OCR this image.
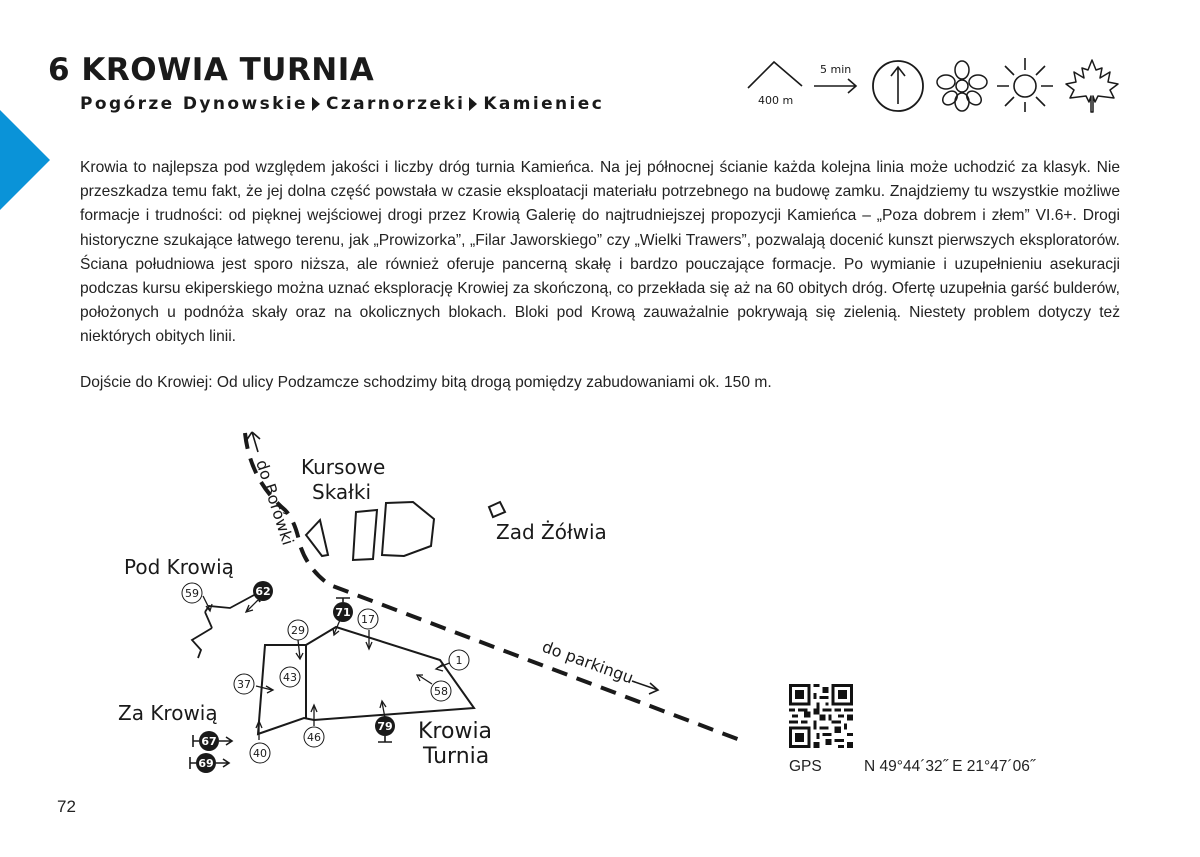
6 KROWIA TURNIA
Pogórze Dynowskie Czarnorzeki Kamieniec	400 m
5 min

Krowia to najlepsza pod względem jakości i liczby dróg turnia Kamieńca. Na jej północnej ścianie każda kolejna linia może uchodzić za klasyk. Nie przeszkadza temu fakt, że jej dolna część powstała w czasie eksploatacji materiału potrzebnego na budowę zamku. Znajdziemy tu wszystkie możliwe formacje i trudności: od pięknej wejściowej drogi przez Krowią Galerię do najtrudniejszej propozycji Kamieńca – „Poza dobrem i złem” VI.6+. Drogi historyczne szukające łatwego terenu, jak „Prowizorka”, „Filar Jaworskiego” czy „Wielki Trawers”, pozwalają docenić kunszt pierwszych eksploratorów. Ściana południowa jest sporo niższa, ale również oferuje pancerną skałę i bardzo pouczające formacje. Po wymianie i uzupełnieniu asekuracji podczas kursu ekiperskiego można uznać eksplorację Krowiej za skończoną, co przekłada się aż na 60 obitych dróg. Ofertę uzupełnia garść bulderów, położonych u podnóża skały oraz na okolicznych blokach. Bloki pod Krową zauważalnie pokrywają się zielenią. Niestety problem dotyczy też niektórych obitych linii.

Dojście do Krowiej: Od ulicy Podzamcze schodzimy bitą drogą pomiędzy zabudowaniami ok. 150 m.

59
29
17
1
37
43
58
46
40
62
71
79
67
69
do Borówki Kursowe
Skałki
Zad Żółwia
Pod Krowią
Za Krowią
Krowia
Turnia
do parkingu
GPS	N 49°44´32˝ E 21°47´06˝
72
